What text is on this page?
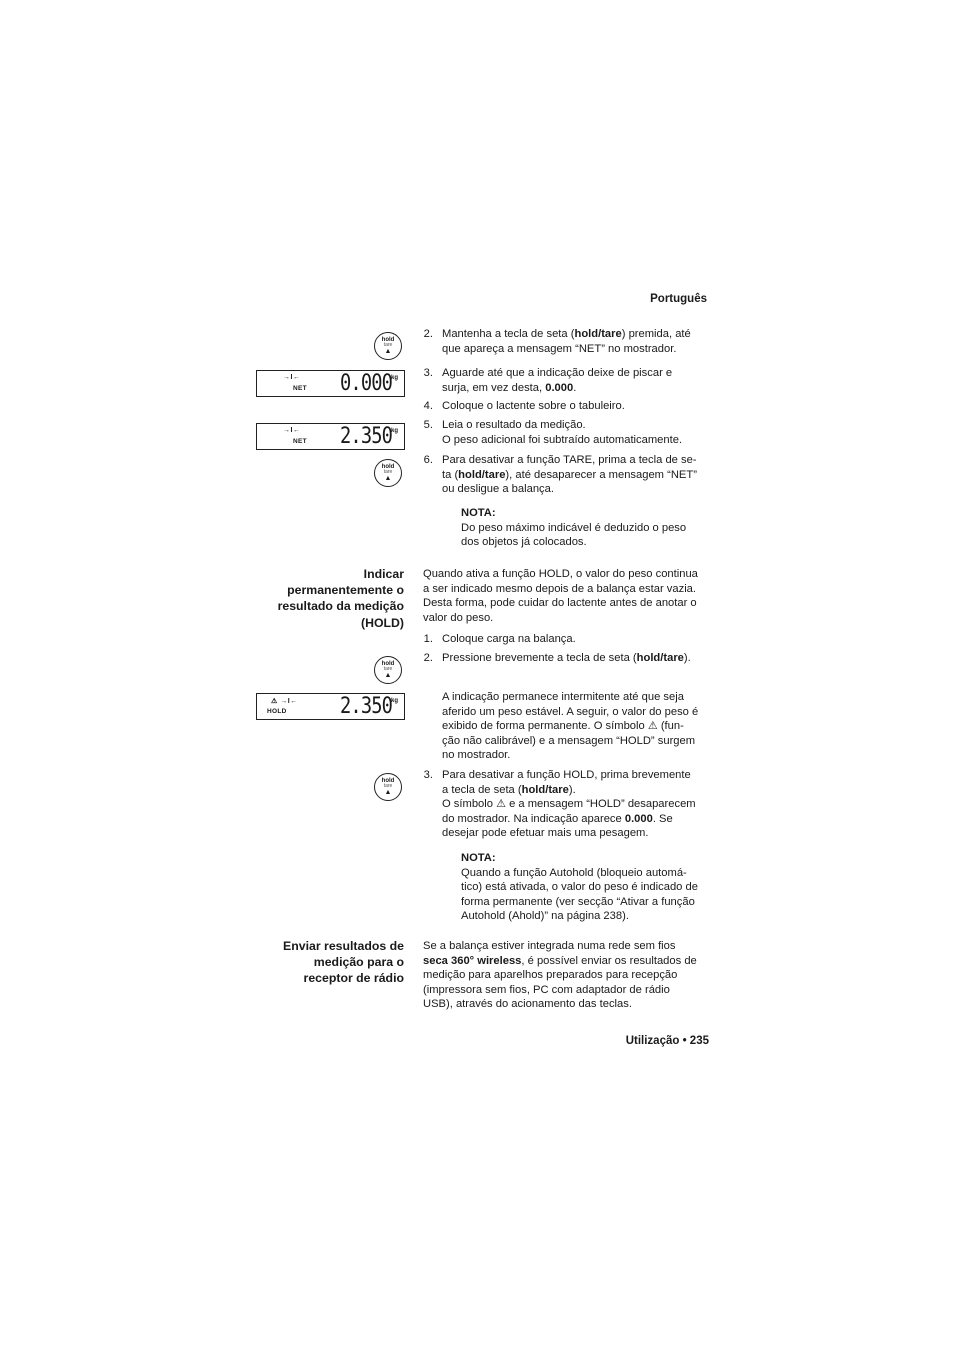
Português
hold
tare
▲
→I←
NET 0.000
kg
→I←
NET 2.350
kg
hold
tare
▲
hold
tare
▲
⚠ →I←
HOLD 2.350
kg
hold
tare
▲
2. Mantenha a tecla de seta (hold/tare) premida, até
que apareça a mensagem “NET” no mostrador.
3. Aguarde até que a indicação deixe de piscar e
surja, em vez desta, 0.000.
4. Coloque o lactente sobre o tabuleiro.
5. Leia o resultado da medição.
O peso adicional foi subtraído automaticamente.
6. Para desativar a função TARE, prima a tecla de se-
ta (hold/tare), até desaparecer a mensagem “NET”
ou desligue a balança.
NOTA:
Do peso máximo indicável é deduzido o peso
dos objetos já colocados.
Indicar
permanentemente o
resultado da medição
(HOLD)
Quando ativa a função HOLD, o valor do peso continua
a ser indicado mesmo depois de a balança estar vazia.
Desta forma, pode cuidar do lactente antes de anotar o
valor do peso.
1. Coloque carga na balança.
2. Pressione brevemente a tecla de seta (hold/tare).
A indicação permanece intermitente até que seja
aferido um peso estável. A seguir, o valor do peso é
exibido de forma permanente. O símbolo ⚠ (fun-
ção não calibrável) e a mensagem “HOLD” surgem
no mostrador.
3. Para desativar a função HOLD, prima brevemente
a tecla de seta (hold/tare).
O símbolo ⚠ e a mensagem “HOLD” desaparecem
do mostrador. Na indicação aparece 0.000. Se
desejar pode efetuar mais uma pesagem.
NOTA:
Quando a função Autohold (bloqueio automá-
tico) está ativada, o valor do peso é indicado de
forma permanente (ver secção “Ativar a função
Autohold (Ahold)” na página 238).
Enviar resultados de
medição para o
receptor de rádio
Se a balança estiver integrada numa rede sem fios
seca 360° wireless, é possível enviar os resultados de
medição para aparelhos preparados para recepção
(impressora sem fios, PC com adaptador de rádio
USB), através do acionamento das teclas.
Utilização • 235
